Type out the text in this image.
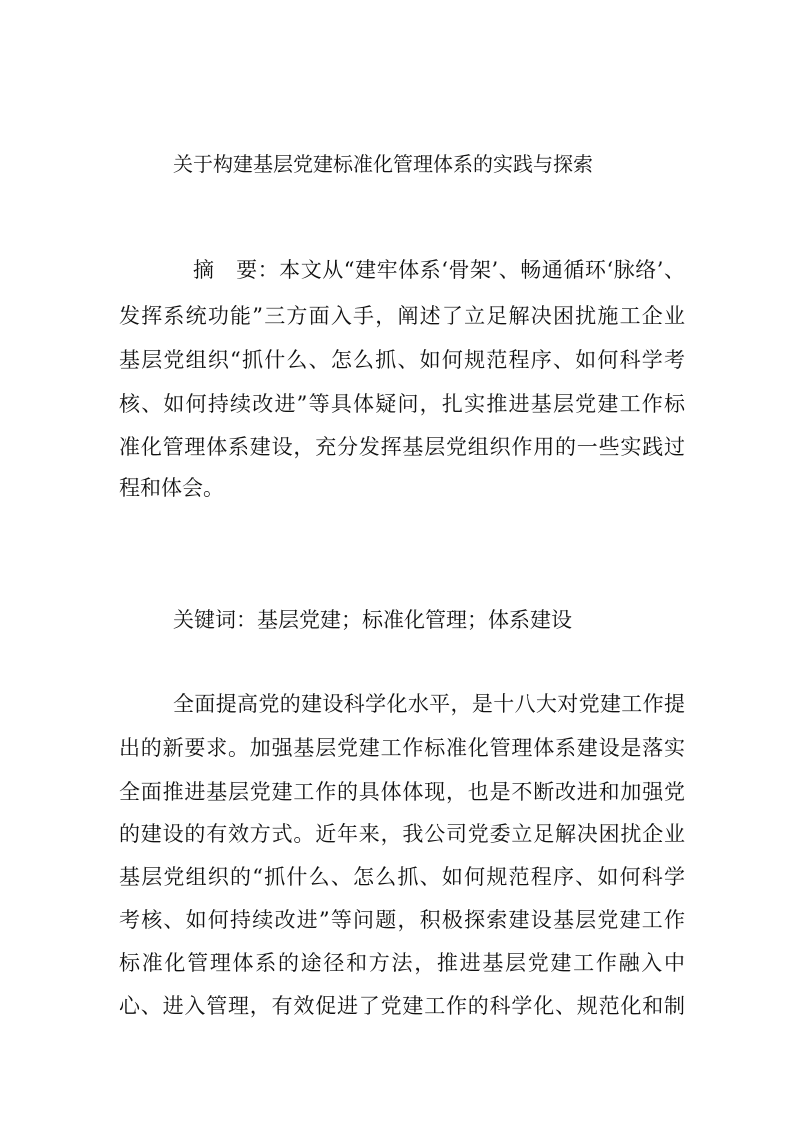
关于构建基层党建标准化管理体系的实践与探索

摘　要：本文从“建牢体系‘骨架’、畅通循环‘脉络’、

发挥系统功能”三方面入手，阐述了立足解决困扰施工企业

基层党组织“抓什么、怎么抓、如何规范程序、如何科学考

核、如何持续改进”等具体疑问，扎实推进基层党建工作标

准化管理体系建设，充分发挥基层党组织作用的一些实践过

程和体会。

关键词：基层党建；标准化管理；体系建设

全面提高党的建设科学化水平，是十八大对党建工作提

出的新要求。加强基层党建工作标准化管理体系建设是落实

全面推进基层党建工作的具体体现，也是不断改进和加强党

的建设的有效方式。近年来，我公司党委立足解决困扰企业

基层党组织的“抓什么、怎么抓、如何规范程序、如何科学

考核、如何持续改进”等问题，积极探索建设基层党建工作

标准化管理体系的途径和方法，推进基层党建工作融入中

心、进入管理，有效促进了党建工作的科学化、规范化和制
